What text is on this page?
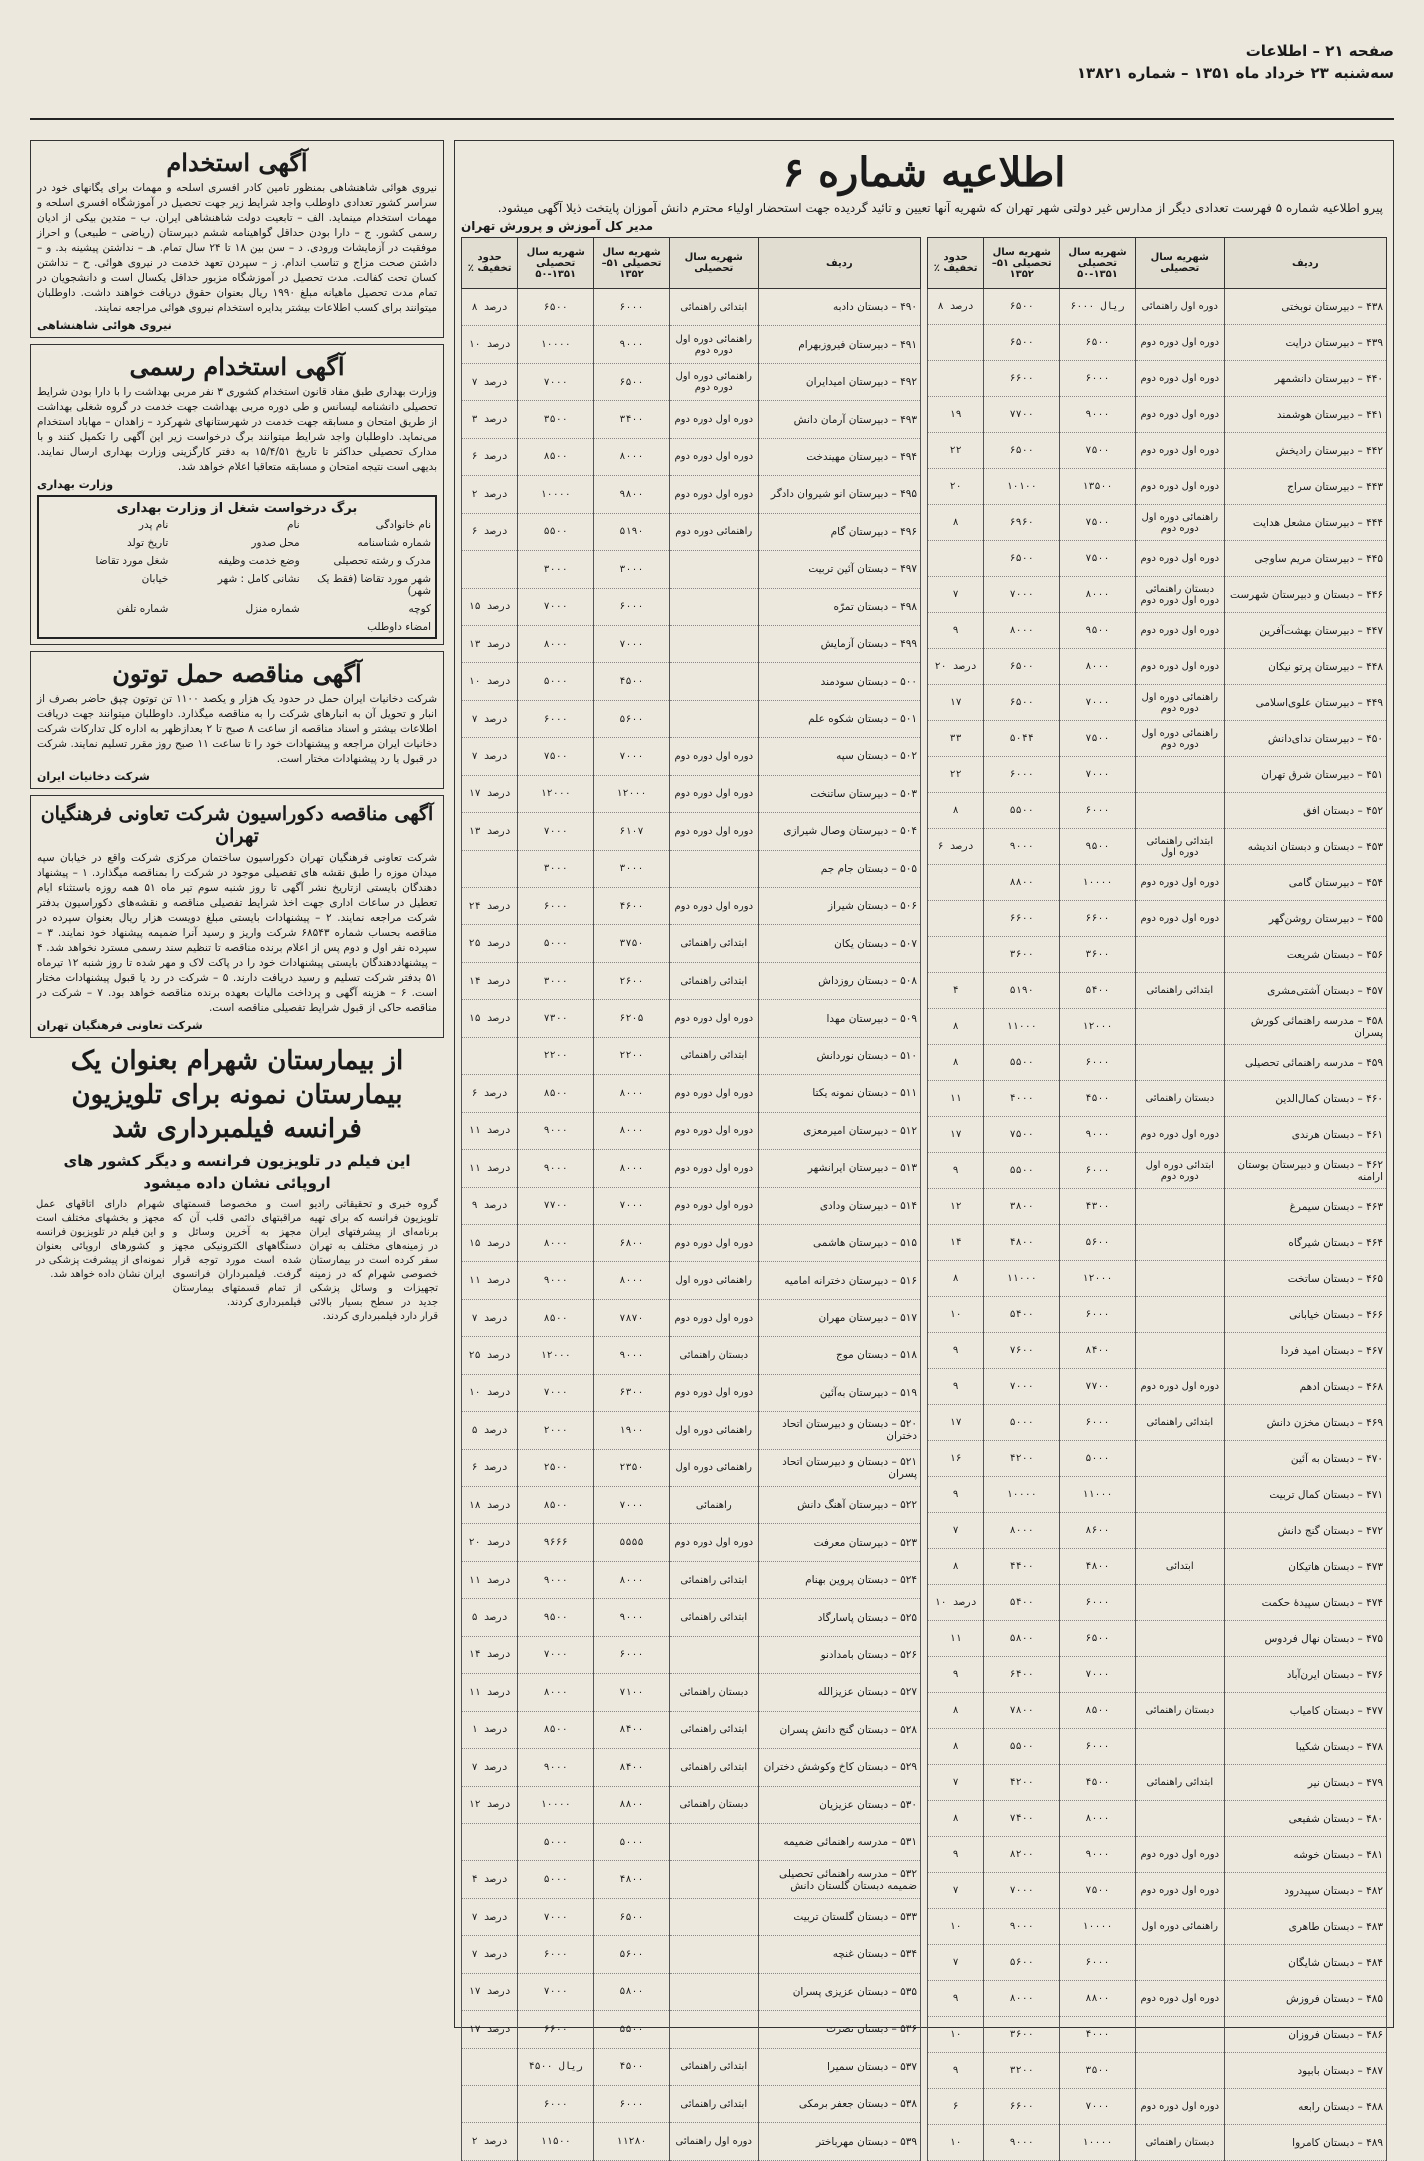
صفحه ۲۱ – اطلاعات
سه‌شنبه ۲۳ خرداد ماه ۱۳۵۱ – شماره ۱۳۸۲۱
اطلاعیه شماره ۶
پیرو اطلاعیه شماره ۵ فهرست تعدادی دیگر از مدارس غیر دولتی شهر تهران که شهریه آنها تعیین و تائید گردیده جهت استحضار اولیاء محترم دانش آموزان پایتخت ذیلا آگهی میشود.
مدیر کل آموزش و پرورش تهران
ردیف	شهریه سال تحصیلی	شهریه سال تحصیلی ۱۳۵۱-۵۰	شهریه سال تحصیلی ۵۱–۱۳۵۲	حدود تخفیف ٪
۴۳۸ – دبیرستان نوبختی	دوره اول راهنمائی	۶۰۰۰ ریال	۶۵۰۰	۸ درصد
۴۳۹ – دبیرستان درایت	دوره اول دوره دوم	۶۵۰۰	۶۵۰۰	
۴۴۰ – دبیرستان دانشمهر	دوره اول دوره دوم	۶۰۰۰	۶۶۰۰	
۴۴۱ – دبیرستان هوشمند	دوره اول دوره دوم	۹۰۰۰	۷۷۰۰	۱۹
۴۴۲ – دبیرستان رادیخش	دوره اول دوره دوم	۷۵۰۰	۶۵۰۰	۲۲
۴۴۳ – دبیرستان سراج	دوره اول دوره دوم	۱۳۵۰۰	۱۰۱۰۰	۲۰
۴۴۴ – دبیرستان مشعل هدایت	راهنمائی دوره اول دوره دوم	۷۵۰۰	۶۹۶۰	۸
۴۴۵ – دبیرستان مریم ساوجی	دوره اول دوره دوم	۷۵۰۰	۶۵۰۰	
۴۴۶ – دبستان و دبیرستان شهرست	دبستان راهنمائی دوره اول دوره دوم	۸۰۰۰	۷۰۰۰	۷
۴۴۷ – دبیرستان بهشت‌آفرین	دوره اول دوره دوم	۹۵۰۰	۸۰۰۰	۹
۴۴۸ – دبیرستان پرتو نیکان	دوره اول دوره دوم	۸۰۰۰	۶۵۰۰	۲۰ درصد
۴۴۹ – دبیرستان علوی‌اسلامی	راهنمائی دوره اول دوره دوم	۷۰۰۰	۶۵۰۰	۱۷
۴۵۰ – دبیرستان ندای‌دانش	راهنمائی دوره اول دوره دوم	۷۵۰۰	۵۰۴۴	۳۳
۴۵۱ – دبیرستان شرق تهران		۷۰۰۰	۶۰۰۰	۲۲
۴۵۲ – دبستان افق		۶۰۰۰	۵۵۰۰	۸
۴۵۳ – دبستان و دبستان اندیشه	ابتدائی راهنمائی دوره اول	۹۵۰۰	۹۰۰۰	۶ درصد
۴۵۴ – دبیرستان گامی	دوره اول دوره دوم	۱۰۰۰۰	۸۸۰۰	
۴۵۵ – دبیرستان روشن‌گهر	دوره اول دوره دوم	۶۶۰۰	۶۶۰۰	
۴۵۶ – دبستان شریعت		۳۶۰۰	۳۶۰۰	
۴۵۷ – دبستان آشتی‌مشری	ابتدائی راهنمائی	۵۴۰۰	۵۱۹۰	۴
۴۵۸ – مدرسه راهنمائی کورش پسران		۱۲۰۰۰	۱۱۰۰۰	۸
۴۵۹ – مدرسه راهنمائی تحصیلی		۶۰۰۰	۵۵۰۰	۸
۴۶۰ – دبستان کمال‌الدین	دبستان راهنمائی	۴۵۰۰	۴۰۰۰	۱۱
۴۶۱ – دبستان هرندی	دوره اول دوره دوم	۹۰۰۰	۷۵۰۰	۱۷
۴۶۲ – دبستان و دبیرستان بوستان ارامنه	ابتدائی دوره اول دوره دوم	۶۰۰۰	۵۵۰۰	۹
۴۶۳ – دبستان سیمرغ		۴۳۰۰	۳۸۰۰	۱۲
۴۶۴ – دبستان شیرگاه		۵۶۰۰	۴۸۰۰	۱۴
۴۶۵ – دبستان ساتخت		۱۲۰۰۰	۱۱۰۰۰	۸
۴۶۶ – دبستان خیابانی		۶۰۰۰	۵۴۰۰	۱۰
۴۶۷ – دبستان امید فردا		۸۴۰۰	۷۶۰۰	۹
۴۶۸ – دبستان ادهم	دوره اول دوره دوم	۷۷۰۰	۷۰۰۰	۹
۴۶۹ – دبستان مخزن دانش	ابتدائی راهنمائی	۶۰۰۰	۵۰۰۰	۱۷
۴۷۰ – دبستان به آئین		۵۰۰۰	۴۲۰۰	۱۶
۴۷۱ – دبستان کمال تربیت		۱۱۰۰۰	۱۰۰۰۰	۹
۴۷۲ – دبستان گنج دانش		۸۶۰۰	۸۰۰۰	۷
۴۷۳ – دبستان هاتیکان	ابتدائی	۴۸۰۰	۴۴۰۰	۸
۴۷۴ – دبستان سپیدهٔ حکمت		۶۰۰۰	۵۴۰۰	۱۰ درصد
۴۷۵ – دبستان نهال فردوس		۶۵۰۰	۵۸۰۰	۱۱
۴۷۶ – دبستان ایرن‌آباد		۷۰۰۰	۶۴۰۰	۹
۴۷۷ – دبستان کامیاب	دبستان راهنمائی	۸۵۰۰	۷۸۰۰	۸
۴۷۸ – دبستان شکیبا		۶۰۰۰	۵۵۰۰	۸
۴۷۹ – دبستان نیر	ابتدائی راهنمائی	۴۵۰۰	۴۲۰۰	۷
۴۸۰ – دبستان شفیعی		۸۰۰۰	۷۴۰۰	۸
۴۸۱ – دبستان خوشه	دوره اول دوره دوم	۹۰۰۰	۸۲۰۰	۹
۴۸۲ – دبستان سپیدرود	دوره اول دوره دوم	۷۵۰۰	۷۰۰۰	۷
۴۸۳ – دبستان طاهری	راهنمائی دوره اول	۱۰۰۰۰	۹۰۰۰	۱۰
۴۸۴ – دبستان شایگان		۶۰۰۰	۵۶۰۰	۷
۴۸۵ – دبستان فروزش	دوره اول دوره دوم	۸۸۰۰	۸۰۰۰	۹
۴۸۶ – دبستان فروزان		۴۰۰۰	۳۶۰۰	۱۰
۴۸۷ – دبستان بابیود		۳۵۰۰	۳۲۰۰	۹
۴۸۸ – دبستان رابعه	دوره اول دوره دوم	۷۰۰۰	۶۶۰۰	۶
۴۸۹ – دبستان کامروا	دبستان راهنمائی	۱۰۰۰۰	۹۰۰۰	۱۰
ردیف	شهریه سال تحصیلی	شهریه سال تحصیلی ۵۱–۱۳۵۲	شهریه سال تحصیلی ۱۳۵۱-۵۰	حدود تخفیف ٪
۴۹۰ – دبستان دادبه	ابتدائی راهنمائی	۶۰۰۰	۶۵۰۰	۸ درصد
۴۹۱ – دبیرستان فیروزبهرام	راهنمائی دوره اول دوره دوم	۹۰۰۰	۱۰۰۰۰	۱۰ درصد
۴۹۲ – دبیرستان امیدایران	راهنمائی دوره اول دوره دوم	۶۵۰۰	۷۰۰۰	۷ درصد
۴۹۳ – دبیرستان آرمان دانش	دوره اول دوره دوم	۳۴۰۰	۳۵۰۰	۳ درصد
۴۹۴ – دبیرستان مهیندخت	دوره اول دوره دوم	۸۰۰۰	۸۵۰۰	۶ درصد
۴۹۵ – دبیرستان انو شیروان دادگر	دوره اول دوره دوم	۹۸۰۰	۱۰۰۰۰	۲ درصد
۴۹۶ – دبیرستان گام	راهنمائی دوره دوم	۵۱۹۰	۵۵۰۰	۶ درصد
۴۹۷ – دبستان آئین تربیت		۳۰۰۰	۳۰۰۰	
۴۹۸ – دبستان تمرّه		۶۰۰۰	۷۰۰۰	۱۵ درصد
۴۹۹ – دبستان آزمایش		۷۰۰۰	۸۰۰۰	۱۳ درصد
۵۰۰ – دبستان سودمند		۴۵۰۰	۵۰۰۰	۱۰ درصد
۵۰۱ – دبستان شکوه علم		۵۶۰۰	۶۰۰۰	۷ درصد
۵۰۲ – دبستان سپه	دوره اول دوره دوم	۷۰۰۰	۷۵۰۰	۷ درصد
۵۰۳ – دبیرستان ساتنخت	دوره اول دوره دوم	۱۲۰۰۰	۱۲۰۰۰	۱۷ درصد
۵۰۴ – دبیرستان وصال شیرازی	دوره اول دوره دوم	۶۱۰۷	۷۰۰۰	۱۳ درصد
۵۰۵ – دبستان جام جم		۳۰۰۰	۳۰۰۰	
۵۰۶ – دبستان شیراز	دوره اول دوره دوم	۴۶۰۰	۶۰۰۰	۲۴ درصد
۵۰۷ – دبستان یکان	ابتدائی راهنمائی	۳۷۵۰	۵۰۰۰	۲۵ درصد
۵۰۸ – دبستان روزداش	ابتدائی راهنمائی	۲۶۰۰	۳۰۰۰	۱۴ درصد
۵۰۹ – دبیرستان مهدا	دوره اول دوره دوم	۶۲۰۵	۷۳۰۰	۱۵ درصد
۵۱۰ – دبستان نوردانش	ابتدائی راهنمائی	۲۲۰۰	۲۲۰۰	
۵۱۱ – دبستان نمونه یکتا	دوره اول دوره دوم	۸۰۰۰	۸۵۰۰	۶ درصد
۵۱۲ – دبیرستان امیرمعزی	دوره اول دوره دوم	۸۰۰۰	۹۰۰۰	۱۱ درصد
۵۱۳ – دبیرستان ایرانشهر	دوره اول دوره دوم	۸۰۰۰	۹۰۰۰	۱۱ درصد
۵۱۴ – دبیرستان ودادی	دوره اول دوره دوم	۷۰۰۰	۷۷۰۰	۹ درصد
۵۱۵ – دبیرستان هاشمی	دوره اول دوره دوم	۶۸۰۰	۸۰۰۰	۱۵ درصد
۵۱۶ – دبیرستان دخترانه امامیه	راهنمائی دوره اول	۸۰۰۰	۹۰۰۰	۱۱ درصد
۵۱۷ – دبیرستان مهران	دوره اول دوره دوم	۷۸۷۰	۸۵۰۰	۷ درصد
۵۱۸ – دبستان موج	دبستان راهنمائی	۹۰۰۰	۱۲۰۰۰	۲۵ درصد
۵۱۹ – دبیرستان به‌آئین	دوره اول دوره دوم	۶۳۰۰	۷۰۰۰	۱۰ درصد
۵۲۰ – دبستان و دبیرستان اتحاد دختران	راهنمائی دوره اول	۱۹۰۰	۲۰۰۰	۵ درصد
۵۲۱ – دبستان و دبیرستان اتحاد پسران	راهنمائی دوره اول	۲۳۵۰	۲۵۰۰	۶ درصد
۵۲۲ – دبیرستان آهنگ دانش	راهنمائی	۷۰۰۰	۸۵۰۰	۱۸ درصد
۵۲۳ – دبیرستان معرفت	دوره اول دوره دوم	۵۵۵۵	۹۶۶۶	۲۰ درصد
۵۲۴ – دبستان پروین بهنام	ابتدائی راهنمائی	۸۰۰۰	۹۰۰۰	۱۱ درصد
۵۲۵ – دبستان پاسارگاد	ابتدائی راهنمائی	۹۰۰۰	۹۵۰۰	۵ درصد
۵۲۶ – دبستان بامدادنو		۶۰۰۰	۷۰۰۰	۱۴ درصد
۵۲۷ – دبستان عزیزالله	دبستان راهنمائی	۷۱۰۰	۸۰۰۰	۱۱ درصد
۵۲۸ – دبستان گنج دانش پسران	ابتدائی راهنمائی	۸۴۰۰	۸۵۰۰	۱ درصد
۵۲۹ – دبستان کاخ وکوشش دختران	ابتدائی راهنمائی	۸۴۰۰	۹۰۰۰	۷ درصد
۵۳۰ – دبستان عزیزیان	دبستان راهنمائی	۸۸۰۰	۱۰۰۰۰	۱۲ درصد
۵۳۱ – مدرسه راهنمائی ضمیمه		۵۰۰۰	۵۰۰۰	
۵۳۲ – مدرسه راهنمائی تحصیلی ضمیمه دبستان گلستان دانش		۴۸۰۰	۵۰۰۰	۴ درصد
۵۳۳ – دبستان گلستان تربیت		۶۵۰۰	۷۰۰۰	۷ درصد
۵۳۴ – دبستان غنچه		۵۶۰۰	۶۰۰۰	۷ درصد
۵۳۵ – دبستان عزیزی پسران		۵۸۰۰	۷۰۰۰	۱۷ درصد
۵۳۶ – دبستان نصرت		۵۵۰۰	۶۶۰۰	۱۷ درصد
۵۳۷ – دبستان سمیرا	ابتدائی راهنمائی	۴۵۰۰	۴۵۰۰ ریال	
۵۳۸ – دبستان جعفر برمکی	ابتدائی راهنمائی	۶۰۰۰	۶۰۰۰	
۵۳۹ – دبستان مهرباختر	دوره اول راهنمائی	۱۱۲۸۰	۱۱۵۰۰	۲ درصد
آگهی استخدام
نیروی هوائی شاهنشاهی بمنظور تامین کادر افسری اسلحه و مهمات برای یگانهای خود در سراسر کشور تعدادی داوطلب واجد شرایط زیر جهت تحصیل در آموزشگاه افسری اسلحه و مهمات استخدام مینماید. الف – تابعیت دولت شاهنشاهی ایران. ب – متدین بیکی از ادیان رسمی کشور. ج – دارا بودن حداقل گواهینامه ششم دبیرستان (ریاضی – طبیعی) و احراز موفقیت در آزمایشات ورودی. د – سن بین ۱۸ تا ۲۴ سال تمام. هـ – نداشتن پیشینه بد. و – داشتن صحت مزاج و تناسب اندام. ز – سپردن تعهد خدمت در نیروی هوائی. ح – نداشتن کسان تحت کفالت. مدت تحصیل در آموزشگاه مزبور حداقل یکسال است و دانشجویان در تمام مدت تحصیل ماهیانه مبلغ ۱۹۹۰ ریال بعنوان حقوق دریافت خواهند داشت. داوطلبان میتوانند برای کسب اطلاعات بیشتر بدایره استخدام نیروی هوائی مراجعه نمایند.
نیروی هوائی شاهنشاهی
آگهی استخدام رسمی
وزارت بهداری طبق مفاد قانون استخدام کشوری ۳ نفر مربی بهداشت را با دارا بودن شرایط تحصیلی دانشنامه لیسانس و طی دوره مربی بهداشت جهت خدمت در گروه شغلی بهداشت از طریق امتحان و مسابقه جهت خدمت در شهرستانهای شهرکرد – زاهدان – مهاباد استخدام می‌نماید. داوطلبان واجد شرایط میتوانند برگ درخواست زیر این آگهی را تکمیل کنند و با مدارک تحصیلی حداکثر تا تاریخ ۱۵/۴/۵۱ به دفتر کارگزینی وزارت بهداری ارسال نمایند. بدیهی است نتیجه امتحان و مسابقه متعاقبا اعلام خواهد شد.
وزارت بهداری
برگ درخواست شغل از وزارت بهداری
نام خانوادگی
نام
نام پدر
شماره شناسنامه
محل صدور
تاریخ تولد
مدرک و رشته تحصیلی
وضع خدمت وظیفه
شغل مورد تقاضا
شهر مورد تقاضا (فقط یک شهر)
نشانی کامل : شهر
خیابان
کوچه
شماره منزل
شماره تلفن
امضاء داوطلب
آگهی مناقصه حمل توتون
شرکت دخانیات ایران حمل در حدود یک هزار و یکصد ۱۱۰۰ تن توتون چپق حاضر بصرف از انبار و تحویل آن به انبارهای شرکت را به مناقصه میگذارد. داوطلبان میتوانند جهت دریافت اطلاعات بیشتر و اسناد مناقصه از ساعت ۸ صبح تا ۲ بعدازظهر به اداره کل تدارکات شرکت دخانیات ایران مراجعه و پیشنهادات خود را تا ساعت ۱۱ صبح روز مقرر تسلیم نمایند. شرکت در قبول یا رد پیشنهادات مختار است.
شرکت دخانیات ایران
آگهی مناقصه دکوراسیون شرکت تعاونی فرهنگیان تهران
شرکت تعاونی فرهنگیان تهران دکوراسیون ساختمان مرکزی شرکت واقع در خیابان سپه میدان موزه را طبق نقشه های تفصیلی موجود در شرکت را بمناقصه میگذارد. ۱ – پیشنهاد دهندگان بایستی ازتاریخ نشر آگهی تا روز شنبه سوم تیر ماه ۵۱ همه روزه باستثناء ایام تعطیل در ساعات اداری جهت اخذ شرایط تفصیلی مناقصه و نقشه‌های دکوراسیون بدفتر شرکت مراجعه نمایند. ۲ – پیشنهادات بایستی مبلغ دویست هزار ریال بعنوان سپرده در مناقصه بحساب شماره ۶۸۵۴۳ شرکت واریز و رسید آنرا ضمیمه پیشنهاد خود نمایند. ۳ – سپرده نفر اول و دوم پس از اعلام برنده مناقصه تا تنظیم سند رسمی مسترد نخواهد شد. ۴ – پیشنهاددهندگان بایستی پیشنهادات خود را در پاکت لاک و مهر شده تا روز شنبه ۱۲ تیرماه ۵۱ بدفتر شرکت تسلیم و رسید دریافت دارند. ۵ – شرکت در رد یا قبول پیشنهادات مختار است. ۶ – هزینه آگهی و پرداخت مالیات بعهده برنده مناقصه خواهد بود. ۷ – شرکت در مناقصه حاکی از قبول شرایط تفصیلی مناقصه است.
شرکت تعاونی فرهنگیان تهران
از بیمارستان شهرام بعنوان یک بیمارستان نمونه برای تلویزیون فرانسه فیلمبرداری شد
این فیلم در تلویزیون فرانسه و دیگر کشور های اروپائی نشان داده میشود

گروه خبری و تحقیقاتی رادیو تلویزیون فرانسه که برای تهیه برنامه‌ای از پیشرفتهای ایران در زمینه‌های مختلف به تهران سفر کرده است در بیمارستان خصوصی شهرام که در زمینه تجهیزات و وسائل پزشکی جدید در سطح بسیار بالائی قرار دارد فیلمبرداری کردند.

است و مخصوصا قسمتهای مراقبتهای دائمی قلب آن که مجهز به آخرین وسائل و دستگاههای الکترونیکی مجهز شده است مورد توجه قرار گرفت. فیلمبرداران فرانسوی از تمام قسمتهای بیمارستان فیلمبرداری کردند.

شهرام دارای اتاقهای عمل مجهز و بخشهای مختلف است و این فیلم در تلویزیون فرانسه و کشورهای اروپائی بعنوان نمونه‌ای از پیشرفت پزشکی در ایران نشان داده خواهد شد.
